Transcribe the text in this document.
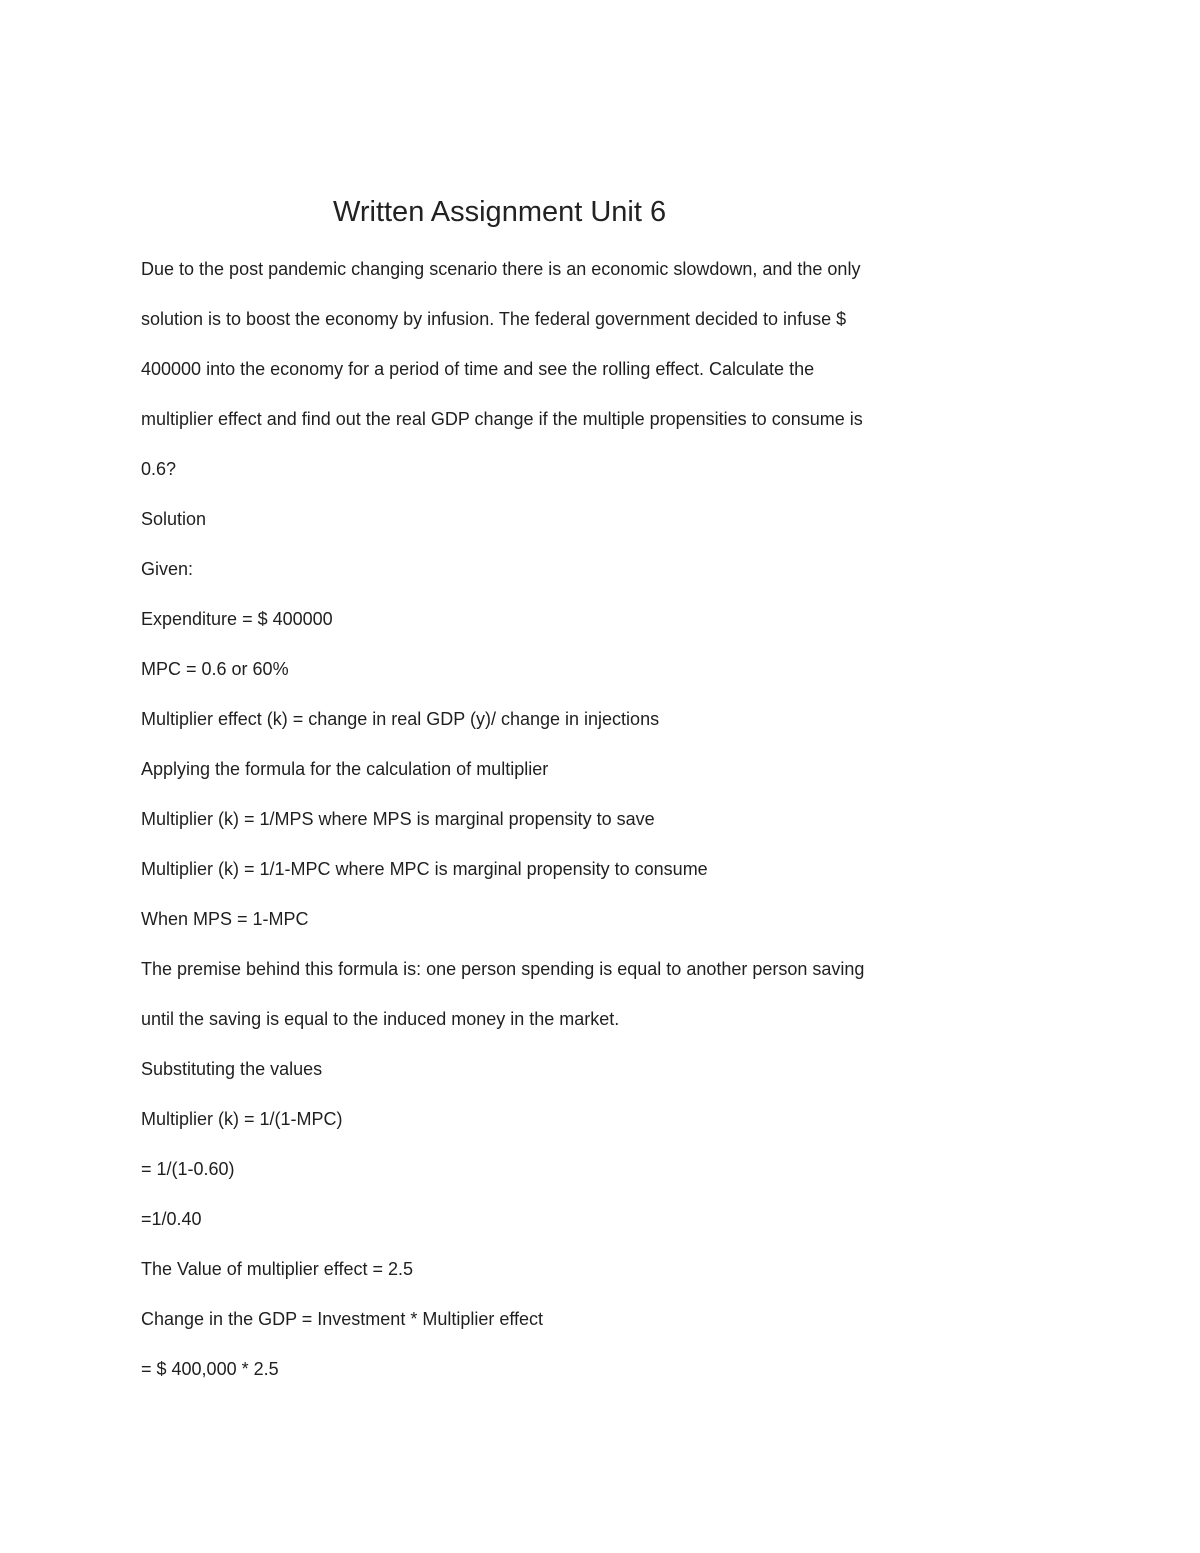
Written Assignment Unit 6
Due to the post pandemic changing scenario there is an economic slowdown, and the only
solution is to boost the economy by infusion. The federal government decided to infuse $
400000 into the economy for a period of time and see the rolling effect. Calculate the
multiplier effect and find out the real GDP change if the multiple propensities to consume is
0.6?
Solution
Given:
Expenditure = $ 400000
MPC = 0.6 or 60%
Multiplier effect (k) = change in real GDP (y)/ change in injections
Applying the formula for the calculation of multiplier
Multiplier (k) = 1/MPS where MPS is marginal propensity to save
Multiplier (k) = 1/1-MPC where MPC is marginal propensity to consume
When MPS = 1-MPC
The premise behind this formula is: one person spending is equal to another person saving
until the saving is equal to the induced money in the market.
Substituting the values
Multiplier (k) = 1/(1-MPC)
= 1/(1-0.60)
=1/0.40
The Value of multiplier effect = 2.5
Change in the GDP = Investment * Multiplier effect
= $ 400,000 * 2.5
